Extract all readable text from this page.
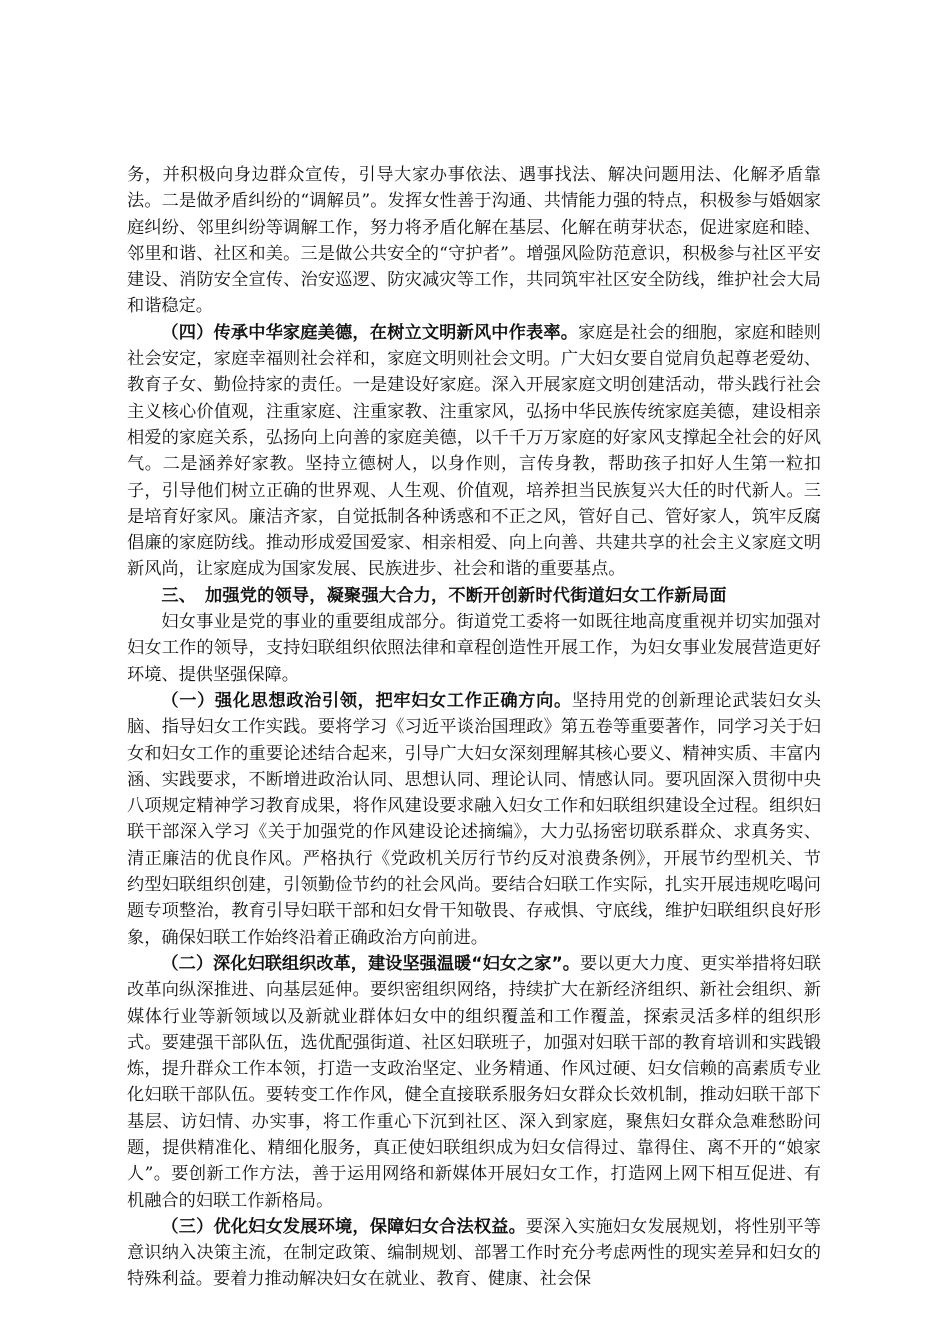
务，并积极向身边群众宣传，引导大家办事依法、遇事找法、解决问题用法、化解矛盾靠法。二是做矛盾纠纷的“调解员”。发挥女性善于沟通、共情能力强的特点，积极参与婚姻家庭纠纷、邻里纠纷等调解工作，努力将矛盾化解在基层、化解在萌芽状态，促进家庭和睦、邻里和谐、社区和美。三是做公共安全的“守护者”。增强风险防范意识，积极参与社区平安建设、消防安全宣传、治安巡逻、防灾减灾等工作，共同筑牢社区安全防线，维护社会大局和谐稳定。

（四）传承中华家庭美德，在树立文明新风中作表率。家庭是社会的细胞，家庭和睦则社会安定，家庭幸福则社会祥和，家庭文明则社会文明。广大妇女要自觉肩负起尊老爱幼、教育子女、勤俭持家的责任。一是建设好家庭。深入开展家庭文明创建活动，带头践行社会主义核心价值观，注重家庭、注重家教、注重家风，弘扬中华民族传统家庭美德，建设相亲相爱的家庭关系，弘扬向上向善的家庭美德，以千千万万家庭的好家风支撑起全社会的好风气。二是涵养好家教。坚持立德树人，以身作则，言传身教，帮助孩子扣好人生第一粒扣子，引导他们树立正确的世界观、人生观、价值观，培养担当民族复兴大任的时代新人。三是培育好家风。廉洁齐家，自觉抵制各种诱惑和不正之风，管好自己、管好家人，筑牢反腐倡廉的家庭防线。推动形成爱国爱家、相亲相爱、向上向善、共建共享的社会主义家庭文明新风尚，让家庭成为国家发展、民族进步、社会和谐的重要基点。

三、　加强党的领导，凝聚强大合力，不断开创新时代街道妇女工作新局面

妇女事业是党的事业的重要组成部分。街道党工委将一如既往地高度重视并切实加强对妇女工作的领导，支持妇联组织依照法律和章程创造性开展工作，为妇女事业发展营造更好环境、提供坚强保障。

（一）强化思想政治引领，把牢妇女工作正确方向。坚持用党的创新理论武装妇女头脑、指导妇女工作实践。要将学习《习近平谈治国理政》第五卷等重要著作，同学习关于妇女和妇女工作的重要论述结合起来，引导广大妇女深刻理解其核心要义、精神实质、丰富内涵、实践要求，不断增进政治认同、思想认同、理论认同、情感认同。要巩固深入贯彻中央八项规定精神学习教育成果，将作风建设要求融入妇女工作和妇联组织建设全过程。组织妇联干部深入学习《关于加强党的作风建设论述摘编》，大力弘扬密切联系群众、求真务实、清正廉洁的优良作风。严格执行《党政机关厉行节约反对浪费条例》，开展节约型机关、节约型妇联组织创建，引领勤俭节约的社会风尚。要结合妇联工作实际，扎实开展违规吃喝问题专项整治，教育引导妇联干部和妇女骨干知敬畏、存戒惧、守底线，维护妇联组织良好形象，确保妇联工作始终沿着正确政治方向前进。

（二）深化妇联组织改革，建设坚强温暖“妇女之家”。要以更大力度、更实举措将妇联改革向纵深推进、向基层延伸。要织密组织网络，持续扩大在新经济组织、新社会组织、新媒体行业等新领域以及新就业群体妇女中的组织覆盖和工作覆盖，探索灵活多样的组织形式。要建强干部队伍，选优配强街道、社区妇联班子，加强对妇联干部的教育培训和实践锻炼，提升群众工作本领，打造一支政治坚定、业务精通、作风过硬、妇女信赖的高素质专业化妇联干部队伍。要转变工作作风，健全直接联系服务妇女群众长效机制，推动妇联干部下基层、访妇情、办实事，将工作重心下沉到社区、深入到家庭，聚焦妇女群众急难愁盼问题，提供精准化、精细化服务，真正使妇联组织成为妇女信得过、靠得住、离不开的“娘家人”。要创新工作方法，善于运用网络和新媒体开展妇女工作，打造网上网下相互促进、有机融合的妇联工作新格局。

（三）优化妇女发展环境，保障妇女合法权益。要深入实施妇女发展规划，将性别平等意识纳入决策主流，在制定政策、编制规划、部署工作时充分考虑两性的现实差异和妇女的特殊利益。要着力推动解决妇女在就业、教育、健康、社会保
